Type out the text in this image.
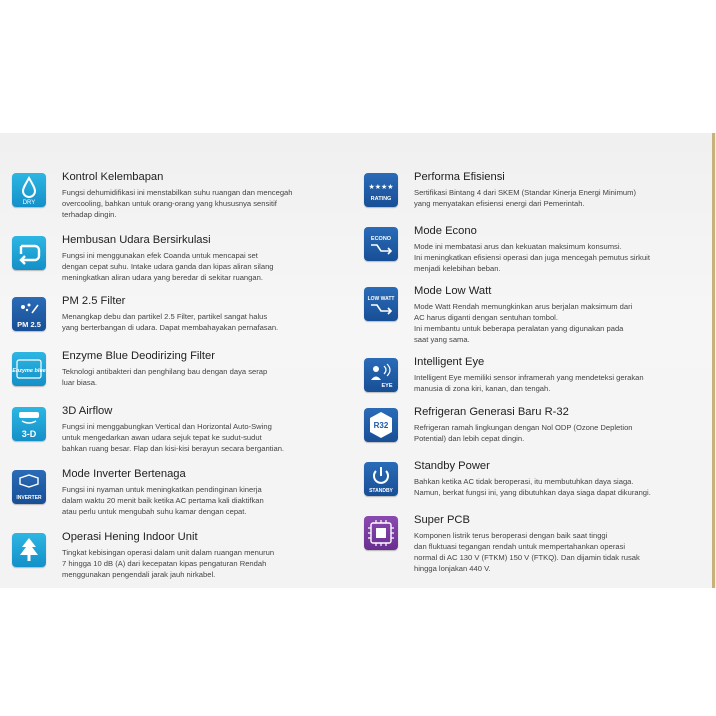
DRY
Kontrol Kelembapan
Fungsi dehumidifikasi ini menstabilkan suhu ruangan dan mencegah
overcooling, bahkan untuk orang-orang yang khususnya sensitif
terhadap dingin.
Hembusan Udara Bersirkulasi
Fungsi ini menggunakan efek Coanda untuk mencapai set
dengan cepat suhu. Intake udara ganda dan kipas aliran silang
meningkatkan aliran udara yang beredar di sekitar ruangan.
PM 2.5
PM 2.5 Filter
Menangkap debu dan partikel 2.5 Filter, partikel sangat halus
yang berterbangan di udara. Dapat membahayakan pernafasan.
Enzyme blue
Enzyme Blue Deodirizing Filter
Teknologi antibakteri dan penghilang bau dengan daya serap
luar biasa.
3-D
3D Airflow
Fungsi ini menggabungkan Vertical dan Horizontal Auto-Swing
untuk mengedarkan awan udara sejuk tepat ke sudut-sudut
bahkan ruang besar. Flap dan kisi-kisi berayun secara bergantian.
INVERTER
Mode Inverter Bertenaga
Fungsi ini nyaman untuk meningkatkan pendinginan kinerja
dalam waktu 20 menit baik ketika AC pertama kali diaktifkan
atau perlu untuk mengubah suhu kamar dengan cepat.
Operasi Hening Indoor Unit
Tingkat kebisingan operasi dalam unit dalam ruangan menurun
7 hingga 10 dB (A) dari kecepatan kipas pengaturan Rendah
menggunakan pengendali jarak jauh nirkabel.
★★★★
RATING
Performa Efisiensi
Sertifikasi Bintang 4 dari SKEM (Standar Kinerja Energi Minimum)
yang menyatakan efisiensi energi dari Pemerintah.
ECONO
Mode Econo
Mode ini membatasi arus dan kekuatan maksimum konsumsi.
Ini meningkatkan efisiensi operasi dan juga mencegah pemutus sirkuit
menjadi kelebihan beban.
LOW WATT
Mode Low Watt
Mode Watt Rendah memungkinkan arus berjalan maksimum dari
AC harus diganti dengan sentuhan tombol.
Ini membantu untuk beberapa peralatan yang digunakan pada
saat yang sama.
EYE
Intelligent Eye
Intelligent Eye memiliki sensor inframerah yang mendeteksi gerakan
manusia di zona kiri, kanan, dan tengah.
R32
Refrigeran Generasi Baru R-32
Refrigeran ramah lingkungan dengan Nol ODP (Ozone Depletion
Potential) dan lebih cepat dingin.
STANDBY
Standby Power
Bahkan ketika AC tidak beroperasi, itu membutuhkan daya siaga.
Namun, berkat fungsi ini, yang dibutuhkan daya siaga dapat dikurangi.
Super PCB
Komponen listrik terus beroperasi dengan baik saat tinggi
dan fluktuasi tegangan rendah untuk mempertahankan operasi
normal di AC 130 V (FTKM) 150 V (FTKQ). Dan dijamin tidak rusak
hingga lonjakan 440 V.
